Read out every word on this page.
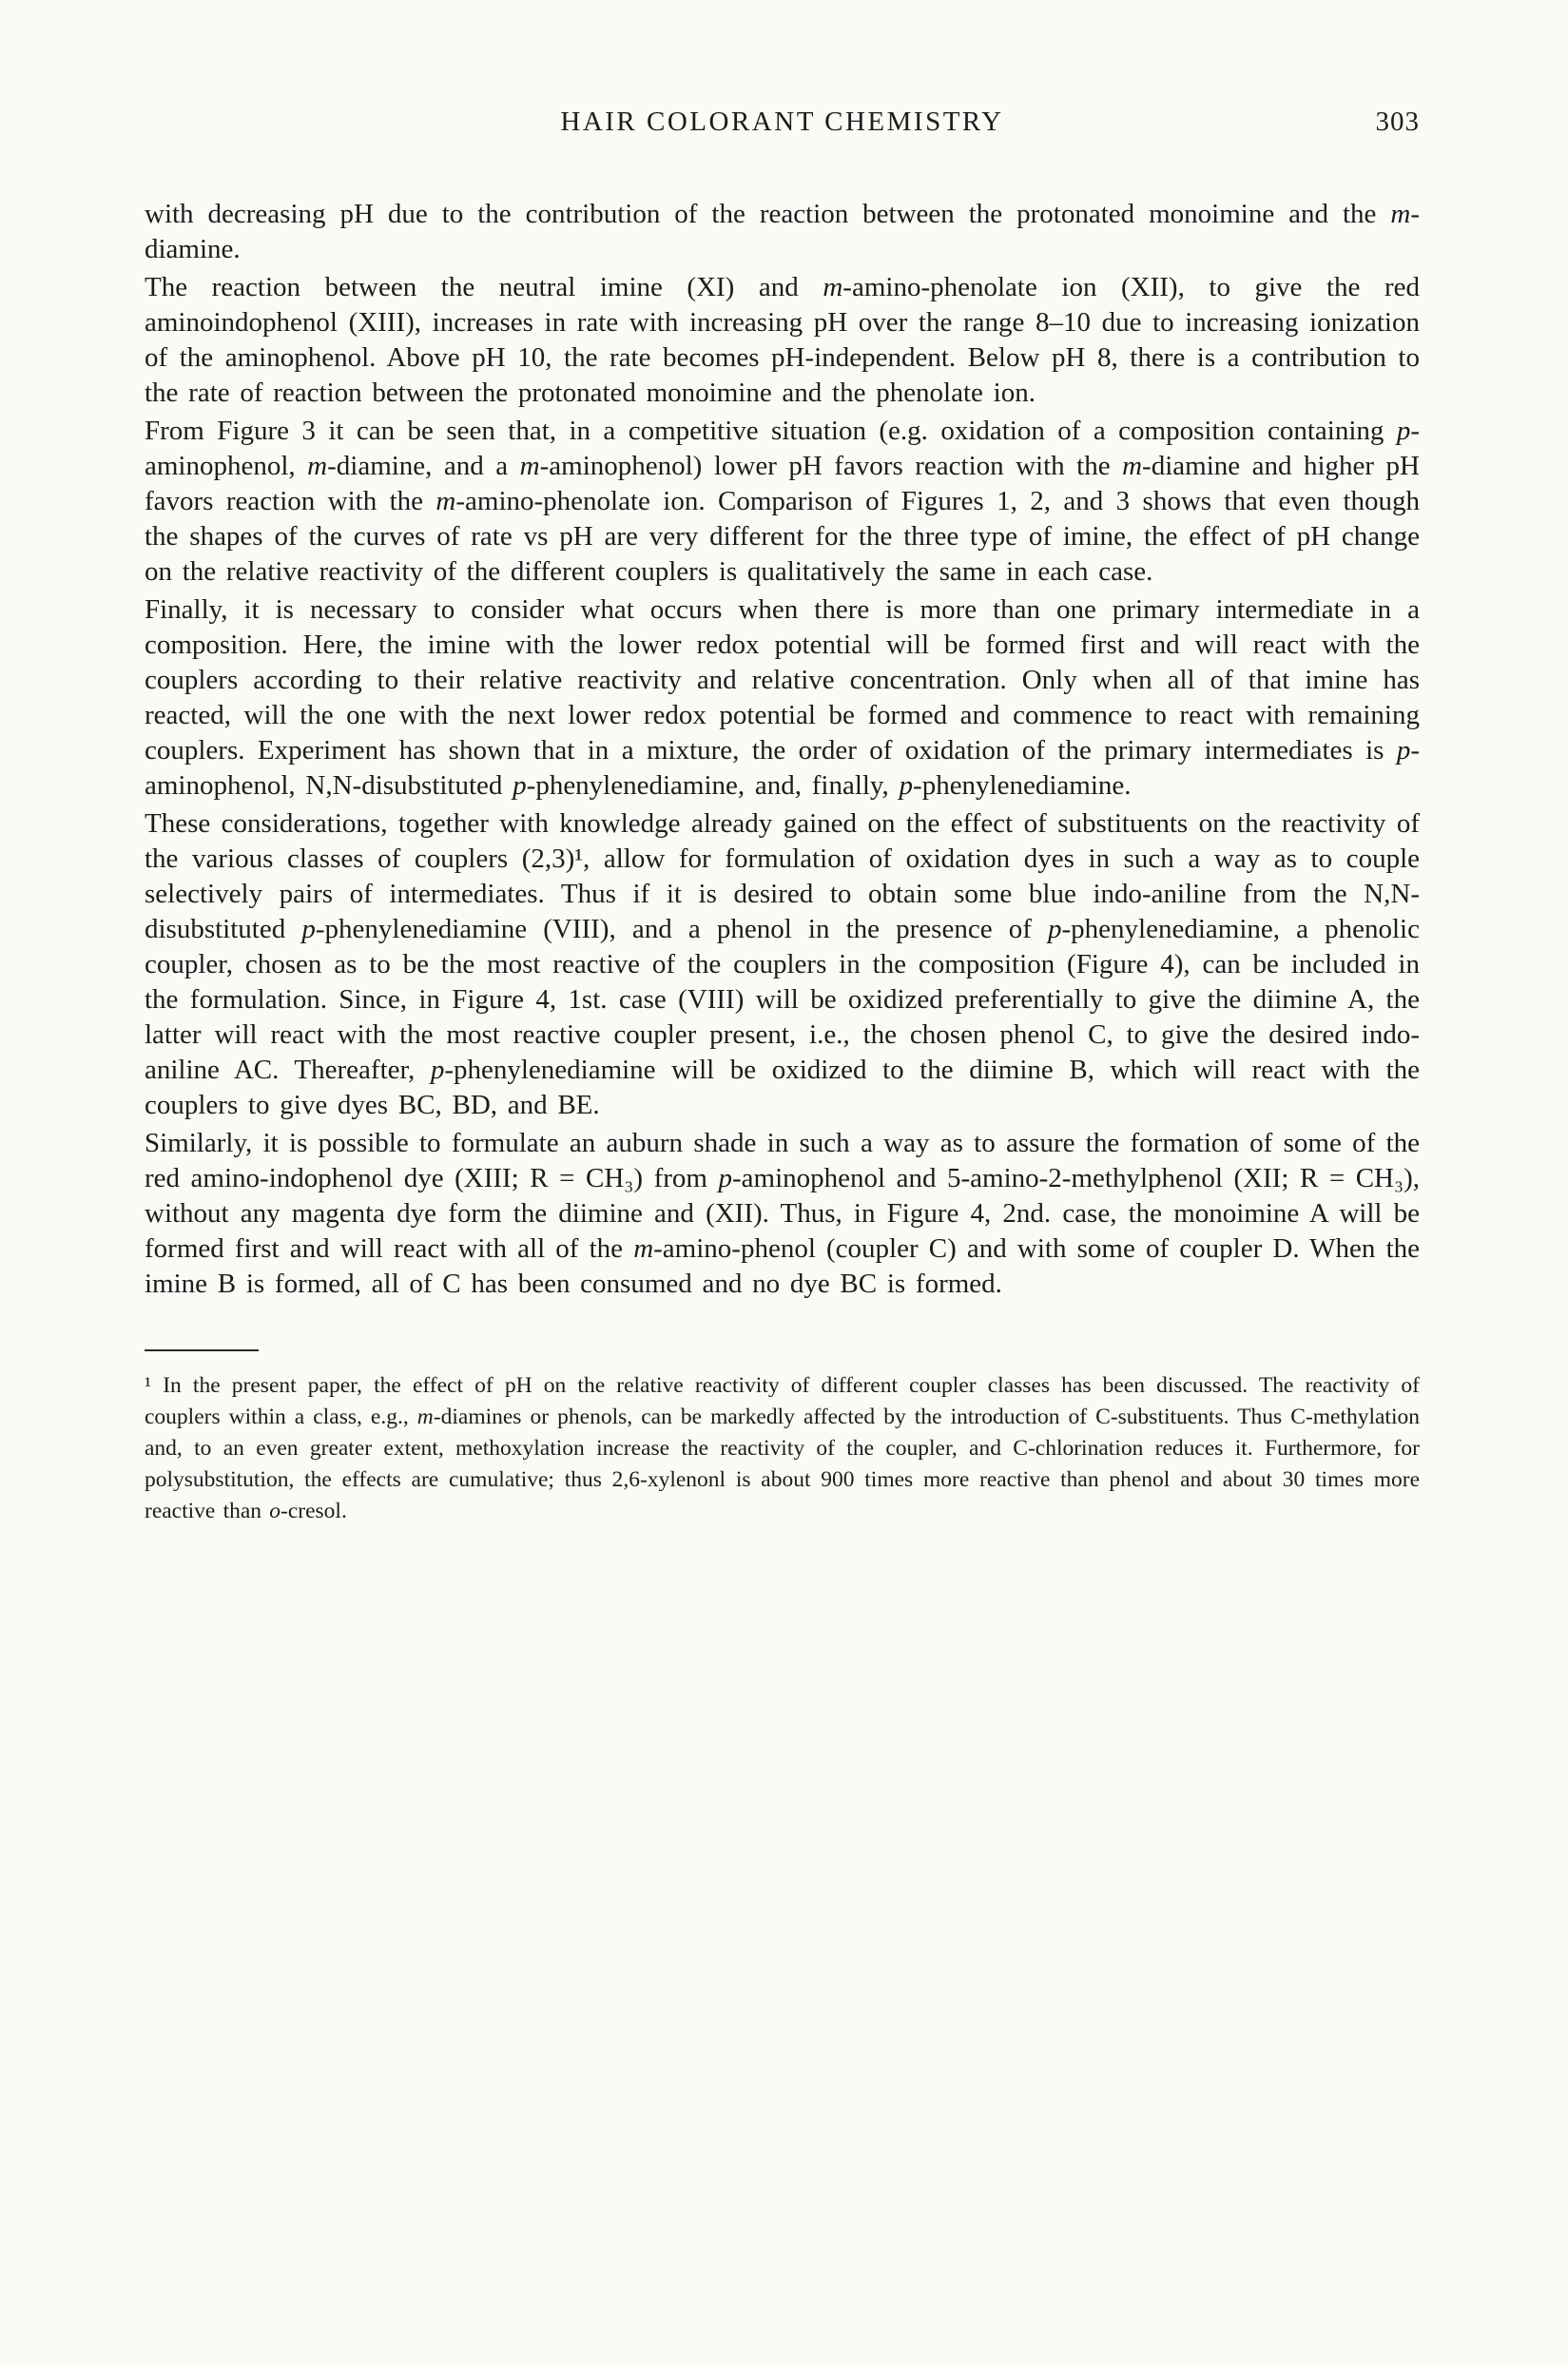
HAIR COLORANT CHEMISTRY	303

with decreasing pH due to the contribution of the reaction between the protonated monoimine and the m-diamine.

The reaction between the neutral imine (XI) and m-amino-phenolate ion (XII), to give the red aminoindophenol (XIII), increases in rate with increasing pH over the range 8–10 due to increasing ionization of the aminophenol. Above pH 10, the rate becomes pH-independent. Below pH 8, there is a contribution to the rate of reaction between the protonated monoimine and the phenolate ion.

From Figure 3 it can be seen that, in a competitive situation (e.g. oxidation of a composition containing p-aminophenol, m-diamine, and a m-aminophenol) lower pH favors reaction with the m-diamine and higher pH favors reaction with the m-amino-phenolate ion. Comparison of Figures 1, 2, and 3 shows that even though the shapes of the curves of rate vs pH are very different for the three type of imine, the effect of pH change on the relative reactivity of the different couplers is qualitatively the same in each case.

Finally, it is necessary to consider what occurs when there is more than one primary intermediate in a composition. Here, the imine with the lower redox potential will be formed first and will react with the couplers according to their relative reactivity and relative concentration. Only when all of that imine has reacted, will the one with the next lower redox potential be formed and commence to react with remaining couplers. Experiment has shown that in a mixture, the order of oxidation of the primary intermediates is p-aminophenol, N,N-disubstituted p-phenylenediamine, and, finally, p-phenylenediamine.

These considerations, together with knowledge already gained on the effect of substituents on the reactivity of the various classes of couplers (2,3)¹, allow for formulation of oxidation dyes in such a way as to couple selectively pairs of intermediates. Thus if it is desired to obtain some blue indo-aniline from the N,N-disubstituted p-phenylenediamine (VIII), and a phenol in the presence of p-phenylenediamine, a phenolic coupler, chosen as to be the most reactive of the couplers in the composition (Figure 4), can be included in the formulation. Since, in Figure 4, 1st. case (VIII) will be oxidized preferentially to give the diimine A, the latter will react with the most reactive coupler present, i.e., the chosen phenol C, to give the desired indo-aniline AC. Thereafter, p-phenylenediamine will be oxidized to the diimine B, which will react with the couplers to give dyes BC, BD, and BE.

Similarly, it is possible to formulate an auburn shade in such a way as to assure the formation of some of the red amino-indophenol dye (XIII; R = CH₃) from p-aminophenol and 5-amino-2-methylphenol (XII; R = CH₃), without any magenta dye form the diimine and (XII). Thus, in Figure 4, 2nd. case, the monoimine A will be formed first and will react with all of the m-amino-phenol (coupler C) and with some of coupler D. When the imine B is formed, all of C has been consumed and no dye BC is formed.

¹ In the present paper, the effect of pH on the relative reactivity of different coupler classes has been discussed. The reactivity of couplers within a class, e.g., m-diamines or phenols, can be markedly affected by the introduction of C-substituents. Thus C-methylation and, to an even greater extent, methoxylation increase the reactivity of the coupler, and C-chlorination reduces it. Furthermore, for polysubstitution, the effects are cumulative; thus 2,6-xylenonl is about 900 times more reactive than phenol and about 30 times more reactive than o-cresol.
